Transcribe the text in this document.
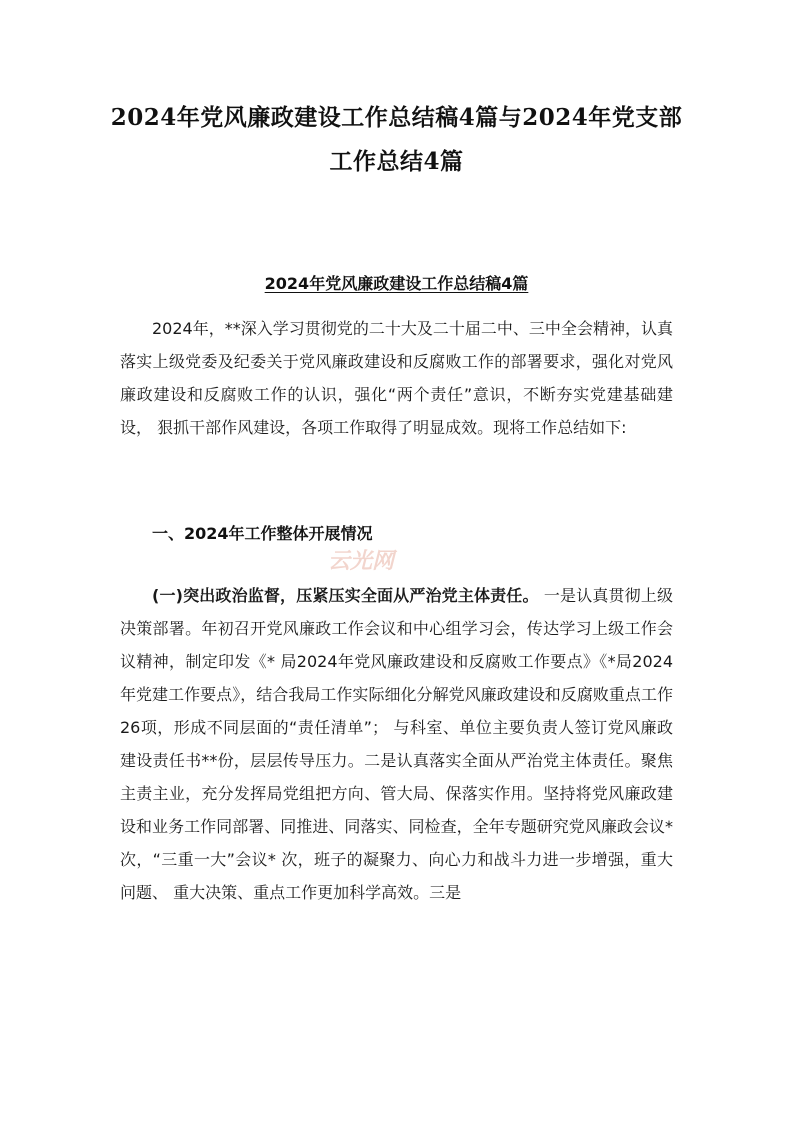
2024年党风廉政建设工作总结稿4篇与2024年党支部工作总结4篇
2024年党风廉政建设工作总结稿4篇

2024年，**深入学习贯彻党的二十大及二十届二中、三中全会精神，认真落实上级党委及纪委关于党风廉政建设和反腐败工作的部署要求，强化对党风廉政建设和反腐败工作的认识，强化“两个责任”意识，不断夯实党建基础建设， 狠抓干部作风建设，各项工作取得了明显成效。现将工作总结如下:

一、2024年工作整体开展情况

(一)突出政治监督，压紧压实全面从严治党主体责任。 一是认真贯彻上级决策部署。年初召开党风廉政工作会议和中心组学习会，传达学习上级工作会议精神，制定印发《* 局2024年党风廉政建设和反腐败工作要点》《*局2024年党建工作要点》，结合我局工作实际细化分解党风廉政建设和反腐败重点工作26项，形成不同层面的“责任清单”； 与科室、单位主要负责人签订党风廉政建设责任书**份，层层传导压力。二是认真落实全面从严治党主体责任。聚焦主责主业，充分发挥局党组把方向、管大局、保落实作用。坚持将党风廉政建设和业务工作同部署、同推进、同落实、同检查，全年专题研究党风廉政会议*次，“三重一大”会议* 次，班子的凝聚力、向心力和战斗力进一步增强，重大问题、 重大决策、重点工作更加科学高效。三是

云光网
